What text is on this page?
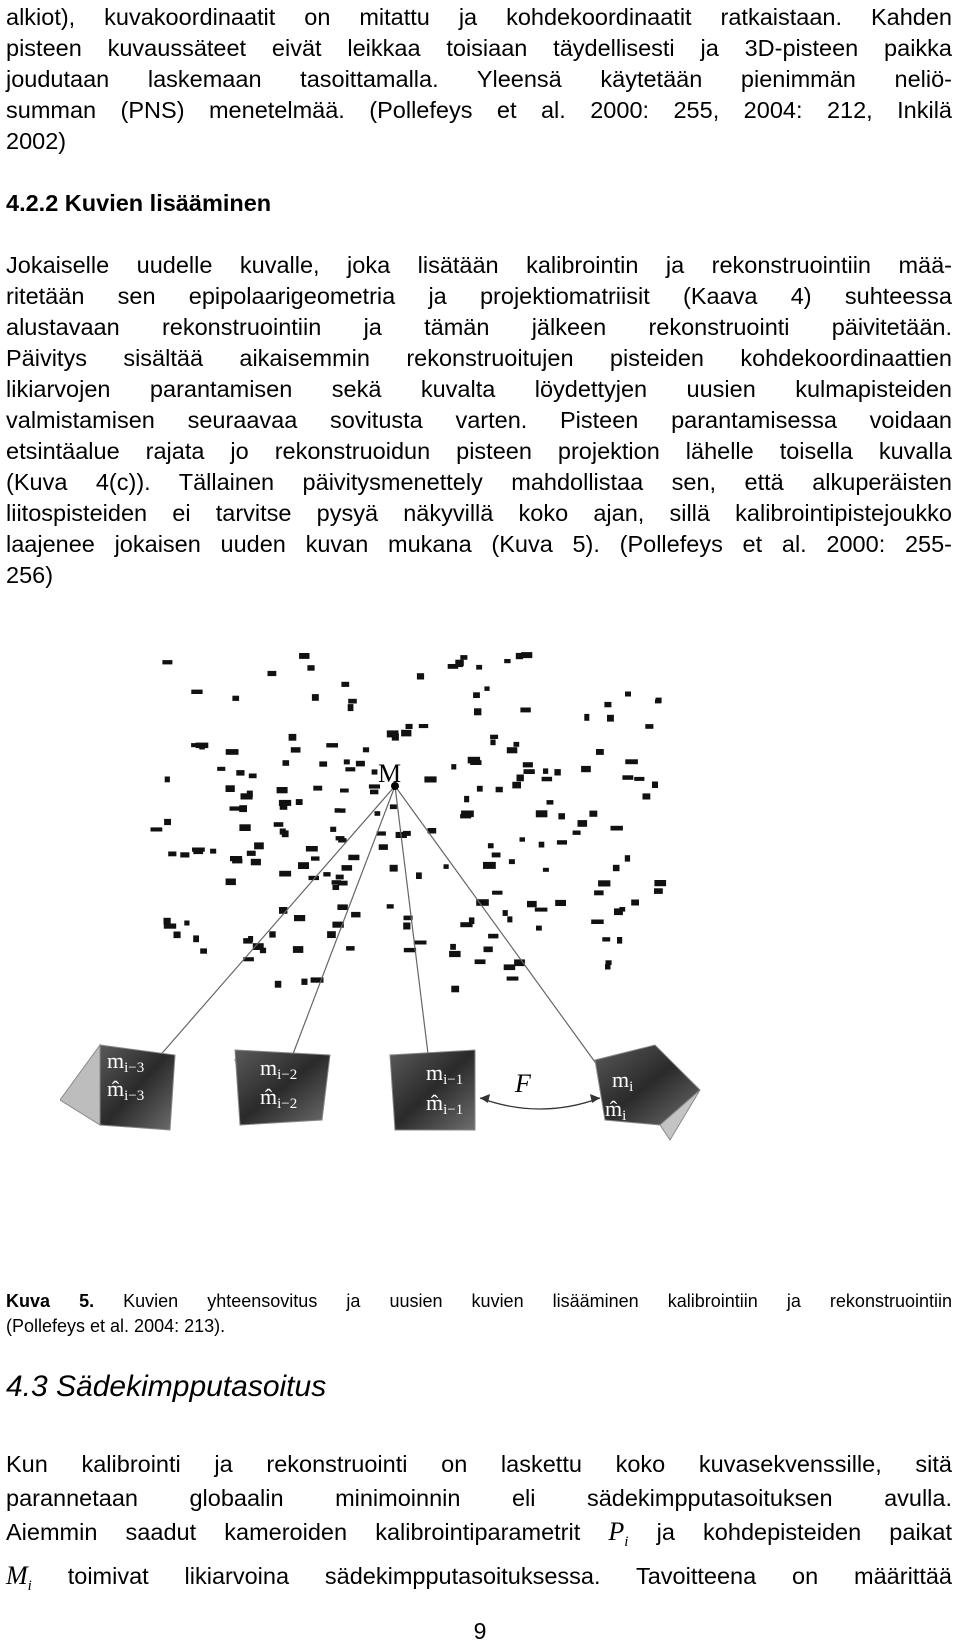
alkiot), kuvakoordinaatit on mitattu ja kohdekoordinaatit ratkaistaan. Kahden
pisteen kuvaussäteet eivät leikkaa toisiaan täydellisesti ja 3D-pisteen paikka
joudutaan laskemaan tasoittamalla. Yleensä käytetään pienimmän neliö-
summan (PNS) menetelmää. (Pollefeys et al. 2000: 255, 2004: 212, Inkilä
2002)
4.2.2 Kuvien lisääminen
Jokaiselle uudelle kuvalle, joka lisätään kalibrointin ja rekonstruointiin mää-
ritetään sen epipolaarigeometria ja projektiomatriisit (Kaava 4) suhteessa
alustavaan rekonstruointiin ja tämän jälkeen rekonstruointi päivitetään.
Päivitys sisältää aikaisemmin rekonstruoitujen pisteiden kohdekoordinaattien
likiarvojen parantamisen sekä kuvalta löydettyjen uusien kulmapisteiden
valmistamisen seuraavaa sovitusta varten. Pisteen parantamisessa voidaan
etsintäalue rajata jo rekonstruoidun pisteen projektion lähelle toisella kuvalla
(Kuva 4(c)). Tällainen päivitysmenettely mahdollistaa sen, että alkuperäisten
liitospisteiden ei tarvitse pysyä näkyvillä koko ajan, sillä kalibrointipistejoukko
laajenee jokaisen uuden kuvan mukana (Kuva 5). (Pollefeys et al. 2000: 255-
256)
M
mi−3
m̂i−3
mi−2
m̂i−2
mi−1
m̂i−1
mi
m̂i
F
Kuva 5. Kuvien yhteensovitus ja uusien kuvien lisääminen kalibrointiin ja rekonstruointiin
(Pollefeys et al. 2004: 213).
4.3 Sädekimpputasoitus
Kun kalibrointi ja rekonstruointi on laskettu koko kuvasekvenssille, sitä
parannetaan globaalin minimoinnin eli sädekimpputasoituksen avulla.
Aiemmin saadut kameroiden kalibrointiparametrit $P_i$ ja kohdepisteiden paikat
$M_i$ toimivat likiarvoina sädekimpputasoituksessa. Tavoitteena on määrittää
9
